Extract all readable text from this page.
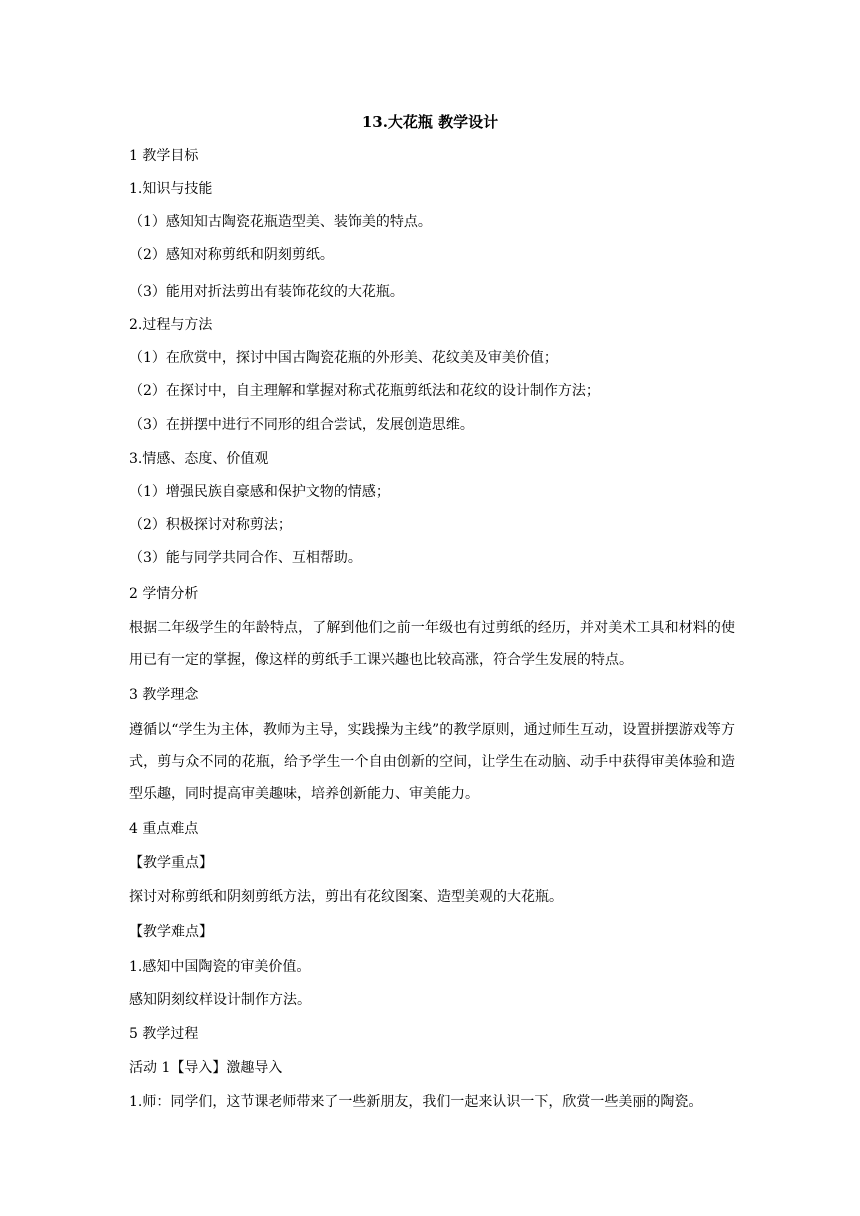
13.大花瓶 教学设计
1 教学目标
1.知识与技能
（1）感知知古陶瓷花瓶造型美、装饰美的特点。
（2）感知对称剪纸和阴刻剪纸。
（3）能用对折法剪出有装饰花纹的大花瓶。
2.过程与方法
（1）在欣赏中，探讨中国古陶瓷花瓶的外形美、花纹美及审美价值；
（2）在探讨中，自主理解和掌握对称式花瓶剪纸法和花纹的设计制作方法；
（3）在拼摆中进行不同形的组合尝试，发展创造思维。
3.情感、态度、价值观
（1）增强民族自豪感和保护文物的情感；
（2）积极探讨对称剪法；
（3）能与同学共同合作、互相帮助。
2 学情分析
根据二年级学生的年龄特点，了解到他们之前一年级也有过剪纸的经历，并对美术工具和材料的使用已有一定的掌握，像这样的剪纸手工课兴趣也比较高涨，符合学生发展的特点。
3 教学理念
遵循以“学生为主体，教师为主导，实践操为主线”的教学原则，通过师生互动，设置拼摆游戏等方式，剪与众不同的花瓶，给予学生一个自由创新的空间，让学生在动脑、动手中获得审美体验和造型乐趣，同时提高审美趣味，培养创新能力、审美能力。
4 重点难点
【教学重点】
探讨对称剪纸和阴刻剪纸方法，剪出有花纹图案、造型美观的大花瓶。
【教学难点】
1.感知中国陶瓷的审美价值。
感知阴刻纹样设计制作方法。
5 教学过程
活动 1【导入】激趣导入
1.师：同学们，这节课老师带来了一些新朋友，我们一起来认识一下，欣赏一些美丽的陶瓷。
